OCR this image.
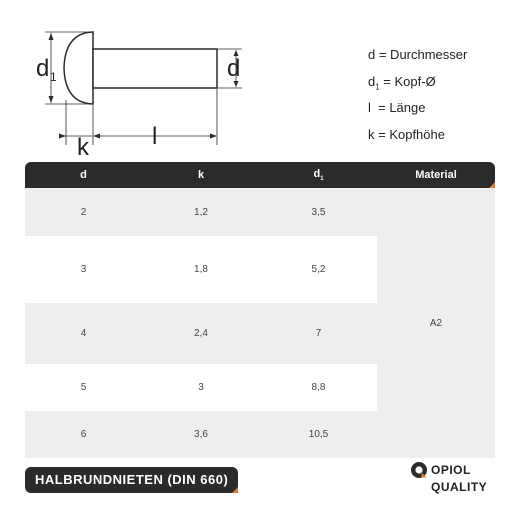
d 1	d
k	l
d = Durchmesser
$d_1$ = Kopf-Ø
l  = Länge
k = Kopfhöhe
d	k	$d_1$	Material
2	1,2	3,5	A2
3	1,8	5,2	
4	2,4	7	
5	3	8,8	
6	3,6	10,5	
HALBRUNDNIETEN (DIN 660)
OPIOL
QUALITY
